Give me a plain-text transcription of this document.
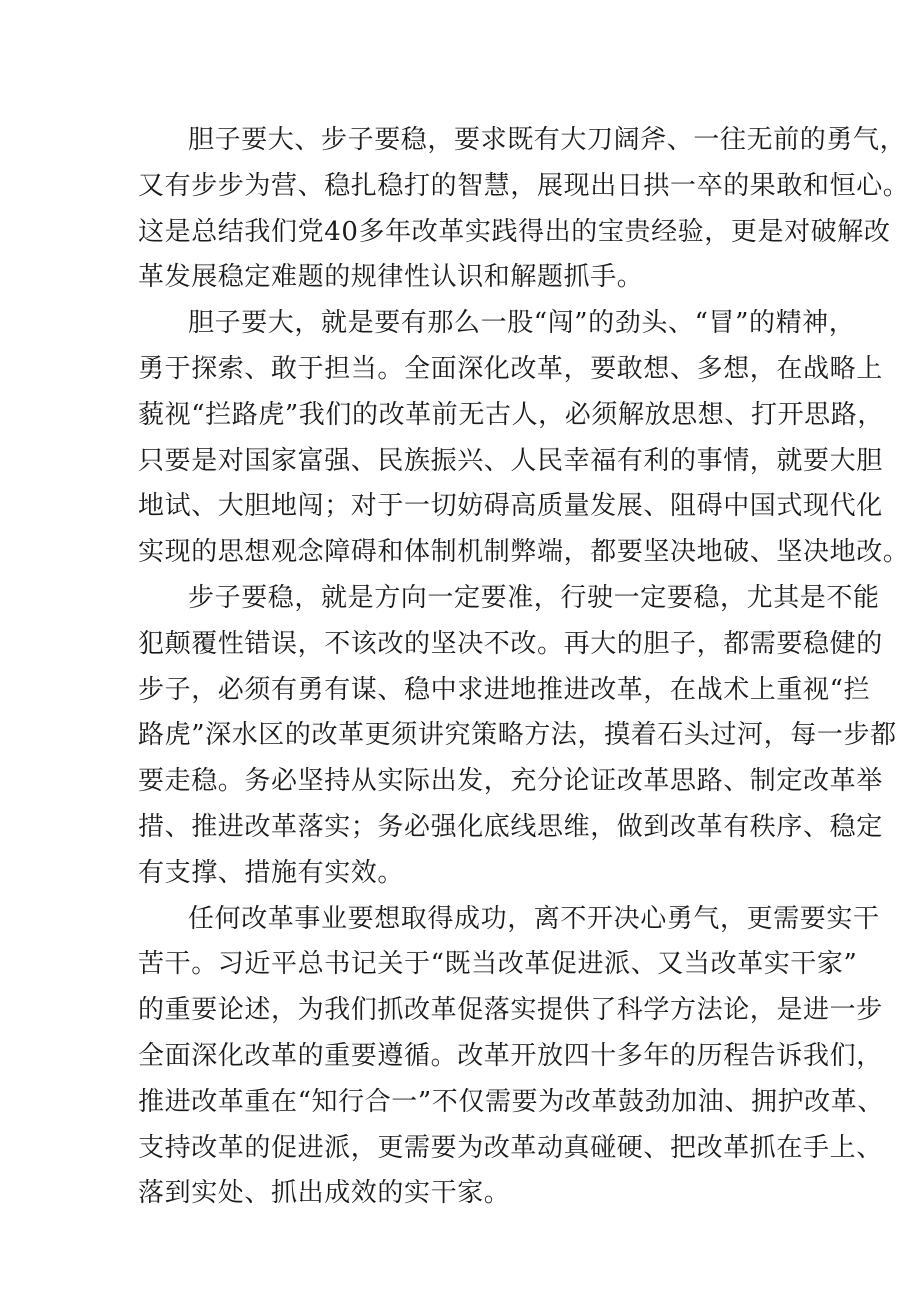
胆子要大、步子要稳，要求既有大刀阔斧、一往无前的勇气，
又有步步为营、稳扎稳打的智慧，展现出日拱一卒的果敢和恒心。
这是总结我们党40多年改革实践得出的宝贵经验，更是对破解改
革发展稳定难题的规律性认识和解题抓手。
胆子要大，就是要有那么一股“闯”的劲头、“冒”的精神，
勇于探索、敢于担当。全面深化改革，要敢想、多想，在战略上
藐视“拦路虎”我们的改革前无古人，必须解放思想、打开思路，
只要是对国家富强、民族振兴、人民幸福有利的事情，就要大胆
地试、大胆地闯；对于一切妨碍高质量发展、阻碍中国式现代化
实现的思想观念障碍和体制机制弊端，都要坚决地破、坚决地改。
步子要稳，就是方向一定要准，行驶一定要稳，尤其是不能
犯颠覆性错误，不该改的坚决不改。再大的胆子，都需要稳健的
步子，必须有勇有谋、稳中求进地推进改革，在战术上重视“拦
路虎”深水区的改革更须讲究策略方法，摸着石头过河，每一步都
要走稳。务必坚持从实际出发，充分论证改革思路、制定改革举
措、推进改革落实；务必强化底线思维，做到改革有秩序、稳定
有支撑、措施有实效。
任何改革事业要想取得成功，离不开决心勇气，更需要实干
苦干。习近平总书记关于“既当改革促进派、又当改革实干家”
的重要论述，为我们抓改革促落实提供了科学方法论，是进一步
全面深化改革的重要遵循。改革开放四十多年的历程告诉我们，
推进改革重在“知行合一”不仅需要为改革鼓劲加油、拥护改革、
支持改革的促进派，更需要为改革动真碰硬、把改革抓在手上、
落到实处、抓出成效的实干家。
